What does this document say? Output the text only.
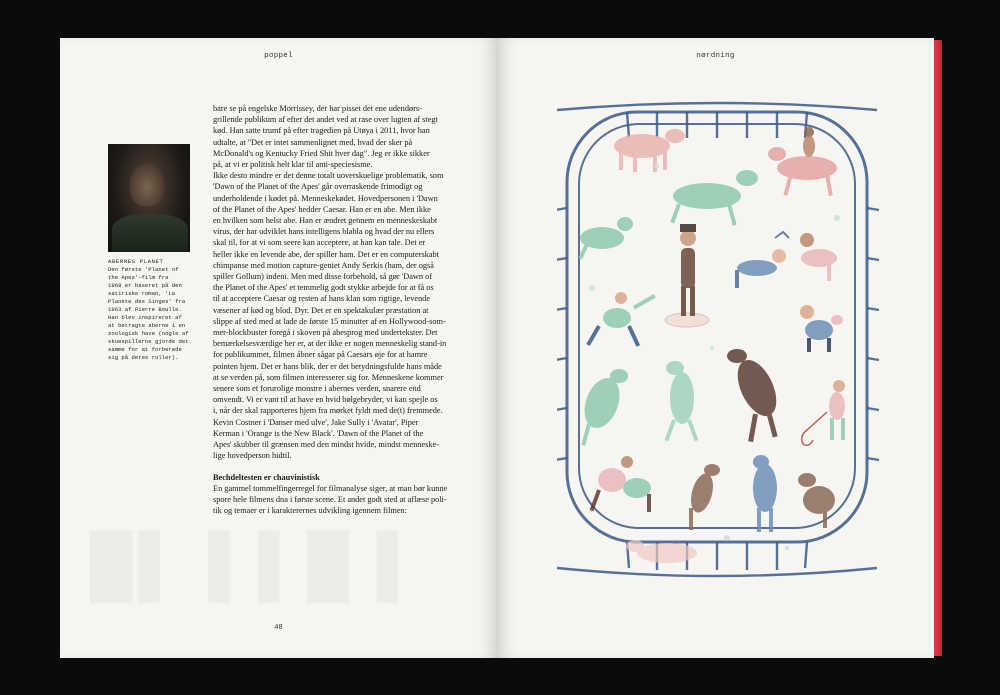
poppel
ABERNES PLANET
Den første 'Planet of
the Apes'-film fra
1968 er baseret på den
satiriske roman, 'La
Planète des Singes' fra
1963 af Pierre Boulle.
Han blev inspireret af
at betragte aberne i en
zoologisk have (nogle af
skuespillerne gjorde det
samme for at forberede
sig på deres roller).

bare se på engelske Morrissey, der har pisset det ene udendørs-

grillende publikum af efter det andet ved at rase over lugten af stegt

kød. Han satte trumf på efter tragedien på Utøya i 2011, hvor han

udtalte, at "Det er intet sammenlignet med, hvad der sker på

McDonald's og Kentucky Fried Shit hver dag". Jeg er ikke sikker

på, at vi er politisk helt klar til anti-speciesisme.

Ikke desto mindre er det denne totalt uoverskuelige problematik, som

'Dawn of the Planet of the Apes' går overraskende frimodigt og

underholdende i kødet på. Menneskekødet. Hovedpersonen i 'Dawn

of the Planet of the Apes' hedder Caesar. Han er en abe. Men ikke

en hvilken som helst abe. Han er ændret gennem en menneskeskabt

virus, der har udviklet hans intelligens blabla og hvad der nu ellers

skal til, for at vi som seere kan acceptere, at han kan tale. Det er

heller ikke en levende abe, der spiller ham. Det er en computerskabt

chimpanse med motion capture-geniet Andy Serkis (ham, der også

spiller Gollum) indeni. Men med disse forbehold, så gør 'Dawn of

the Planet of the Apes' et temmelig godt stykke arbejde for at få os

til at acceptere Caesar og resten af hans klan som rigtige, levende

væsener af kød og blod. Dyr. Det er en spektakulær præstation at

slippe af sted med at lade de første 15 minutter af en Hollywood-som-

mer-blockbuster foregå i skoven på abesprog med undertekster. Det

bemærkelsesværdige her er, at der ikke er nogen menneskelig stand-in

for publikummet, filmen åbner sågar på Caesars øje for at hamre

pointen hjem. Det er hans blik, der er det betydningsfulde hans måde

at se verden på, som filmen interesserer sig for. Menneskene kommer

senere som et forurolige monstre i abernes verden, snarere end

omvendt. Vi er vant til at have en hvid bølgebryder, vi kan spejle os

i, når der skal rapporteres hjem fra mørket fyldt med de(t) fremmede.

Kevin Costner i 'Danser med ulve', Jake Sully i 'Avatar', Piper

Kerman i 'Orange is the New Black'. 'Dawn of the Planet of the

Apes' skubber til grænsen med den mindst hvide, mindst menneske-

lige hovedperson hidtil.

Bechdeltesten er chauvinistisk

En gammel tommelfingerregel for filmanalyse siger, at man bør kunne

spore hele filmens dna i første scene. Et andet godt sted at aflæse poli-

tik og temaer er i karakterernes udvikling igennem filmen:

48
nørdning
